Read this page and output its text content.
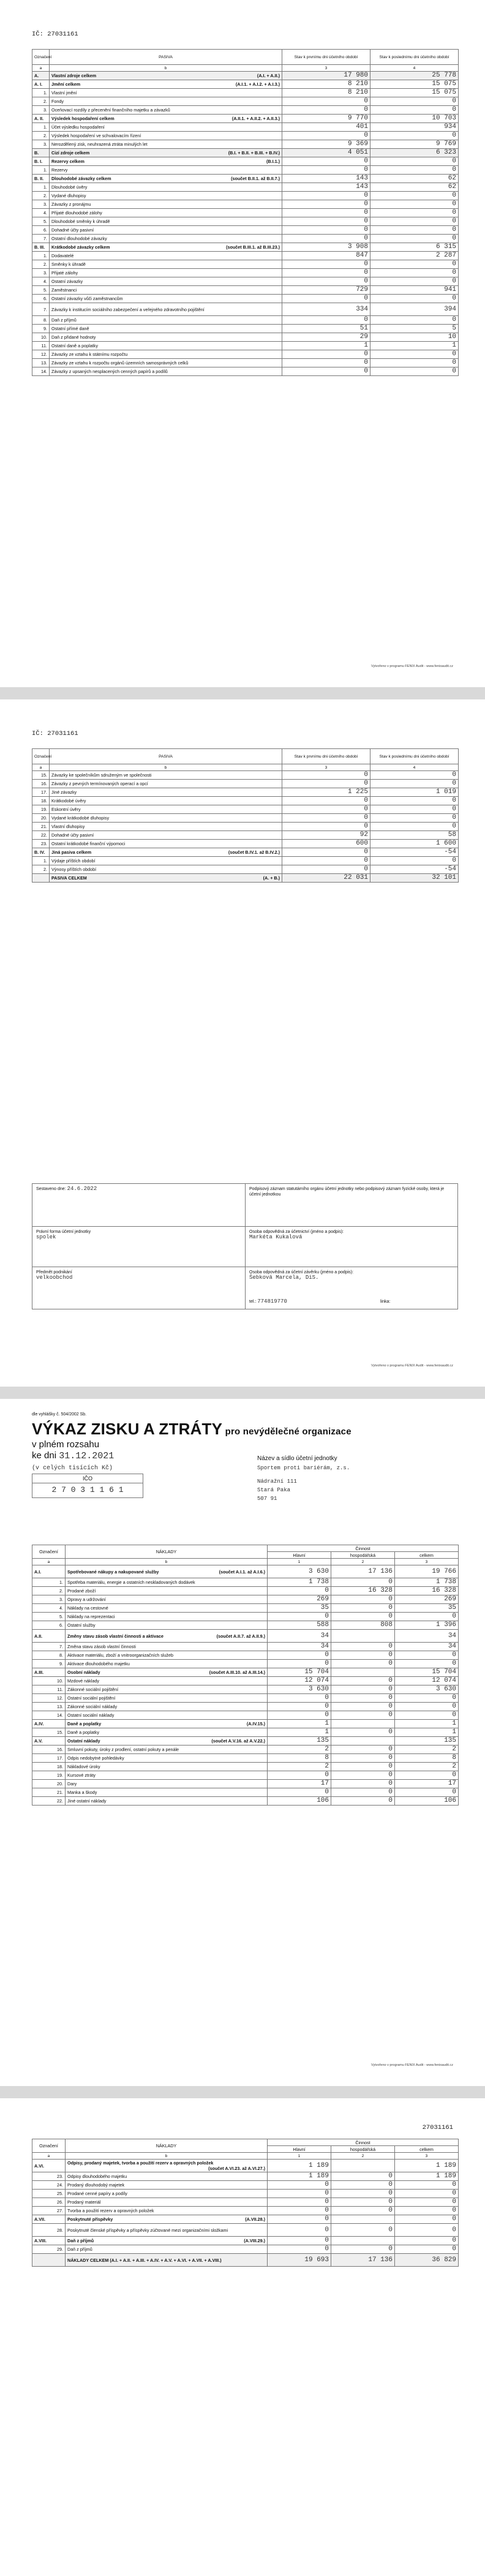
IČ: 27031161
Označení	PASIVA	Stav k prvnímu dni účetního období	Stav k poslednímu dni účetního období
a	b	3	4
A.	Vlastní zdroje celkem (A.I. + A.II.)	17 980	25 778
A. I.	Jmění celkem (A.I.1. + A.I.2. + A.I.3.)	8 210	15 075
1.	Vlastní jmění	8 210	15 075
2.	Fondy	0	0
3.	Oceňovací rozdíly z přecenění finančního majetku a závazků	0	0
A. II.	Výsledek hospodaření celkem (A.II.1. + A.II.2. + A.II.3.)	9 770	10 703
1.	Účet výsledku hospodaření	401	934
2.	Výsledek hospodaření ve schvalovacím řízení	0	0
3.	Nerozdělený zisk, neuhrazená ztráta minulých let	9 369	9 769
B.	Cizí zdroje celkem (B.I. + B.II. + B.III. + B.IV.)	4 051	6 323
B. I.	Rezervy celkem (B.I.1.)	0	0
1.	Rezervy	0	0
B. II.	Dlouhodobé závazky celkem (součet B.II.1. až B.II.7.)	143	62
1.	Dlouhodobé úvěry	143	62
2.	Vydané dluhopisy	0	0
3.	Závazky z pronájmu	0	0
4.	Přijaté dlouhodobé zálohy	0	0
5.	Dlouhodobé směnky k úhradě	0	0
6.	Dohadné účty pasivní	0	0
7.	Ostatní dlouhodobé závazky	0	0
B. III.	Krátkodobé závazky celkem (součet B.III.1. až B.III.23.)	3 908	6 315
1.	Dodavatelé	847	2 287
2.	Směnky k úhradě	0	0
3.	Přijaté zálohy	0	0
4.	Ostatní závazky	0	0
5.	Zaměstnanci	729	941
6.	Ostatní závazky vůči zaměstnancům	0	0
7.	Závazky k institucím sociálního zabezpečení a veřejného zdravotního pojištění	334	394
8.	Daň z příjmů	0	0
9.	Ostatní přímé daně	51	5
10.	Daň z přidané hodnoty	29	10
11.	Ostatní daně a poplatky	1	1
12.	Závazky ze vztahu k státnímu rozpočtu	0	0
13.	Závazky ze vztahu k rozpočtu orgánů územních samosprávných celků	0	0
14.	Závazky z upsaných nesplacených cenných papírů a podílů	0	0
Vytvořeno v programu FENIX Audit - www.fenixaudit.cz
IČ: 27031161
Označení	PASIVA	Stav k prvnímu dni účetního období	Stav k poslednímu dni účetního období
a	b	3	4
15.	Závazky ke společníkům sdruženým ve společnosti	0	0
16.	Závazky z pevných termínovaných operací a opcí	0	0
17.	Jiné závazky	1 225	1 019
18.	Krátkodobé úvěry	0	0
19.	Eskontní úvěry	0	0
20.	Vydané krátkodobé dluhopisy	0	0
21.	Vlastní dluhopisy	0	0
22.	Dohadné účty pasivní	92	58
23.	Ostatní krátkodobé finanční výpomoci	600	1 600
B. IV.	Jiná pasiva celkem (součet B.IV.1. až B.IV.2.)	0	-54
1.	Výdaje příštích období	0	0
2.	Výnosy příštích období	0	-54
	PASIVA CELKEM (A. + B.)	22 031	32 101
Sestaveno dne: 24.6.2022	Podpisový záznam statutárního orgánu účetní jednotky nebo podpisový záznam fyzické osoby, která je účetní jednotkou
Právní forma účetní jednotky
spolek
Osoba odpovědná za účetnictví (jméno a podpis):
Markéta Kukalová
Předmět podnikání
velkoobchod
Osoba odpovědná za účetní závěrku (jméno a podpis):
Šebková Marcela, DiS.
tel.: 774819770	linka:
Vytvořeno v programu FENIX Audit - www.fenixaudit.cz
dle vyhlášky č. 504/2002 Sb.
VÝKAZ ZISKU A ZTRÁTY pro nevýdělečné organizace
v plném rozsahu
ke dni 31.12.2021
(v celých tisících Kč)
IČO
2 7 0 3 1 1 6 1
Název a sídlo účetní jednotky
Sportem proti bariérám, z.s.
Nádražní 111
Stará Paka
507 91
Označení	NÁKLADY	Činnost		
		Hlavní	hospodářská	celkem
a	b	1	2	3
A.I.	Spotřebované nákupy a nakupované služby (součet A.I.1. až A.I.6.)	3 630	17 136	19 766
1.	Spotřeba materiálu, energie a ostatních neskladovaných dodávek	1 738	0	1 738
2.	Prodané zboží	0	16 328	16 328
3.	Opravy a udržování	269	0	269
4.	Náklady na cestovné	35	0	35
5.	Náklady na reprezentaci	0	0	0
6.	Ostatní služby	588	808	1 396
A.II.	Změny stavu zásob vlastní činnosti a aktivace (součet A.II.7. až A.II.9.)	34		34
7.	Změna stavu zásob vlastní činnosti	34	0	34
8.	Aktivace materiálu, zboží a vnitroorganizačních služeb	0	0	0
9.	Aktivace dlouhodobého majetku	0	0	0
A.III.	Osobní náklady (součet A.III.10. až A.III.14.)	15 704		15 704
10.	Mzdové náklady	12 074	0	12 074
11.	Zákonné sociální pojištění	3 630	0	3 630
12.	Ostatní sociální pojištění	0	0	0
13.	Zákonné sociální náklady	0	0	0
14.	Ostatní sociální náklady	0	0	0
A.IV.	Daně a poplatky (A.IV.15.)	1		1
15.	Daně a poplatky	1	0	1
A.V.	Ostatní náklady (součet A.V.16. až A.V.22.)	135		135
16.	Smluvní pokuty, úroky z prodlení, ostatní pokuty a penále	2	0	2
17.	Odpis nedobytné pohledávky	8	0	8
18.	Nákladové úroky	2	0	2
19.	Kursové ztráty	0	0	0
20.	Dary	17	0	17
21.	Manka a škody	0	0	0
22.	Jiné ostatní náklady	106	0	106
Vytvořeno v programu FENIX Audit - www.fenixaudit.cz
27031161
Označení	NÁKLADY	Činnost		
		Hlavní	hospodářská	celkem
a	b	1	2	3
A.VI.	Odpisy, prodaný majetek, tvorba a použití rezerv a opravných položek
(součet A.VI.23. až A.VI.27.)	1 189		1 189
23.	Odpisy dlouhodobého majetku	1 189	0	1 189
24.	Prodaný dlouhodobý majetek	0	0	0
25.	Prodané cenné papíry a podíly	0	0	0
26.	Prodaný materiál	0	0	0
27.	Tvorba a použití rezerv a opravných položek	0	0	0
A.VII.	Poskytnuté příspěvky (A.VII.28.)	0		0
28.	Poskytnuté členské příspěvky a příspěvky zúčtované mezi organizačními složkami	0	0	0
A.VIII.	Daň z příjmů (A.VIII.29.)	0		0
29.	Daň z příjmů	0	0	0
	NÁKLADY CELKEM (A.I. + A.II. + A.III. + A.IV. + A.V. + A.VI. + A.VII. + A.VIII.)	19 693	17 136	36 829
